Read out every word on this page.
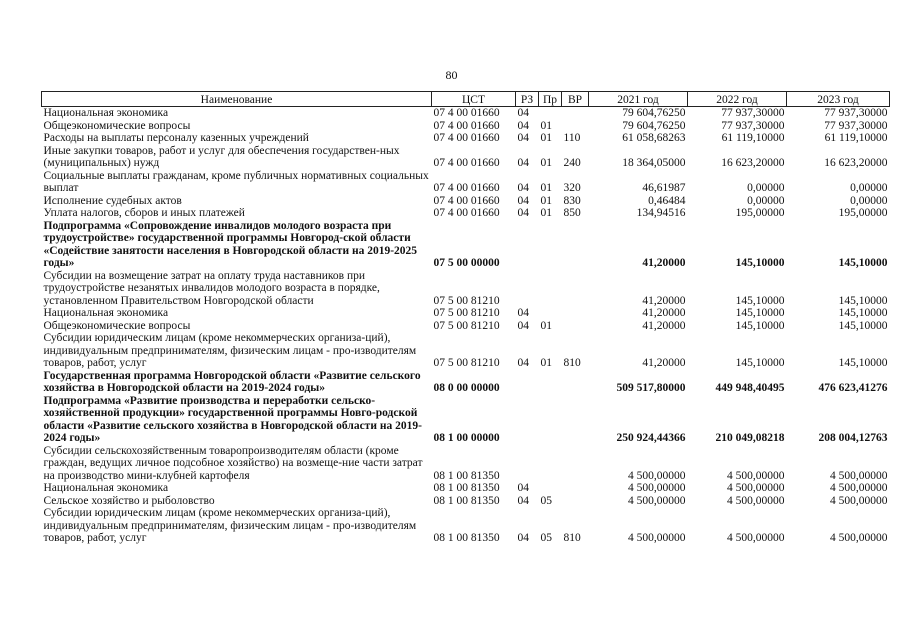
80
Наименование	ЦСТ	РЗ	Пр	ВР	2021 год	2022 год	2023 год
Национальная экономика	07 4 00 01660	04			79 604,76250	77 937,30000	77 937,30000
Общеэкономические вопросы	07 4 00 01660	04	01		79 604,76250	77 937,30000	77 937,30000
Расходы на выплаты персоналу казенных учреждений	07 4 00 01660	04	01	110	61 058,68263	61 119,10000	61 119,10000
Иные закупки товаров, работ и услуг для обеспечения государствен-ных (муниципальных) нужд	07 4 00 01660	04	01	240	18 364,05000	16 623,20000	16 623,20000
Социальные выплаты гражданам, кроме публичных нормативных социальных выплат	07 4 00 01660	04	01	320	46,61987	0,00000	0,00000
Исполнение судебных актов	07 4 00 01660	04	01	830	0,46484	0,00000	0,00000
Уплата налогов, сборов и иных платежей	07 4 00 01660	04	01	850	134,94516	195,00000	195,00000
Подпрограмма «Сопровождение инвалидов молодого возраста при трудоустройстве» государственной программы Новгород-ской области «Содействие занятости населения в Новгородской области на 2019-2025 годы»	07 5 00 00000				41,20000	145,10000	145,10000
Субсидии на возмещение затрат на оплату труда наставников при трудоустройстве незанятых инвалидов молодого возраста в порядке, установленном Правительством Новгородской области	07 5 00 81210				41,20000	145,10000	145,10000
Национальная экономика	07 5 00 81210	04			41,20000	145,10000	145,10000
Общеэкономические вопросы	07 5 00 81210	04	01		41,20000	145,10000	145,10000
Субсидии юридическим лицам (кроме некоммерческих организа-ций), индивидуальным предпринимателям, физическим лицам - про-изводителям товаров, работ, услуг	07 5 00 81210	04	01	810	41,20000	145,10000	145,10000
Государственная программа Новгородской области «Развитие сельского хозяйства в Новгородской области на 2019-2024 годы»	08 0 00 00000				509 517,80000	449 948,40495	476 623,41276
Подпрограмма «Развитие производства и переработки сельско-хозяйственной продукции» государственной программы Новго-родской области «Развитие сельского хозяйства в Новгородской области на 2019-2024 годы»	08 1 00 00000				250 924,44366	210 049,08218	208 004,12763
Субсидии сельскохозяйственным товаропроизводителям области (кроме граждан, ведущих личное подсобное хозяйство) на возмеще-ние части затрат на производство мини-клубней картофеля	08 1 00 81350				4 500,00000	4 500,00000	4 500,00000
Национальная экономика	08 1 00 81350	04			4 500,00000	4 500,00000	4 500,00000
Сельское хозяйство и рыболовство	08 1 00 81350	04	05		4 500,00000	4 500,00000	4 500,00000
Субсидии юридическим лицам (кроме некоммерческих организа-ций), индивидуальным предпринимателям, физическим лицам - про-изводителям товаров, работ, услуг	08 1 00 81350	04	05	810	4 500,00000	4 500,00000	4 500,00000
